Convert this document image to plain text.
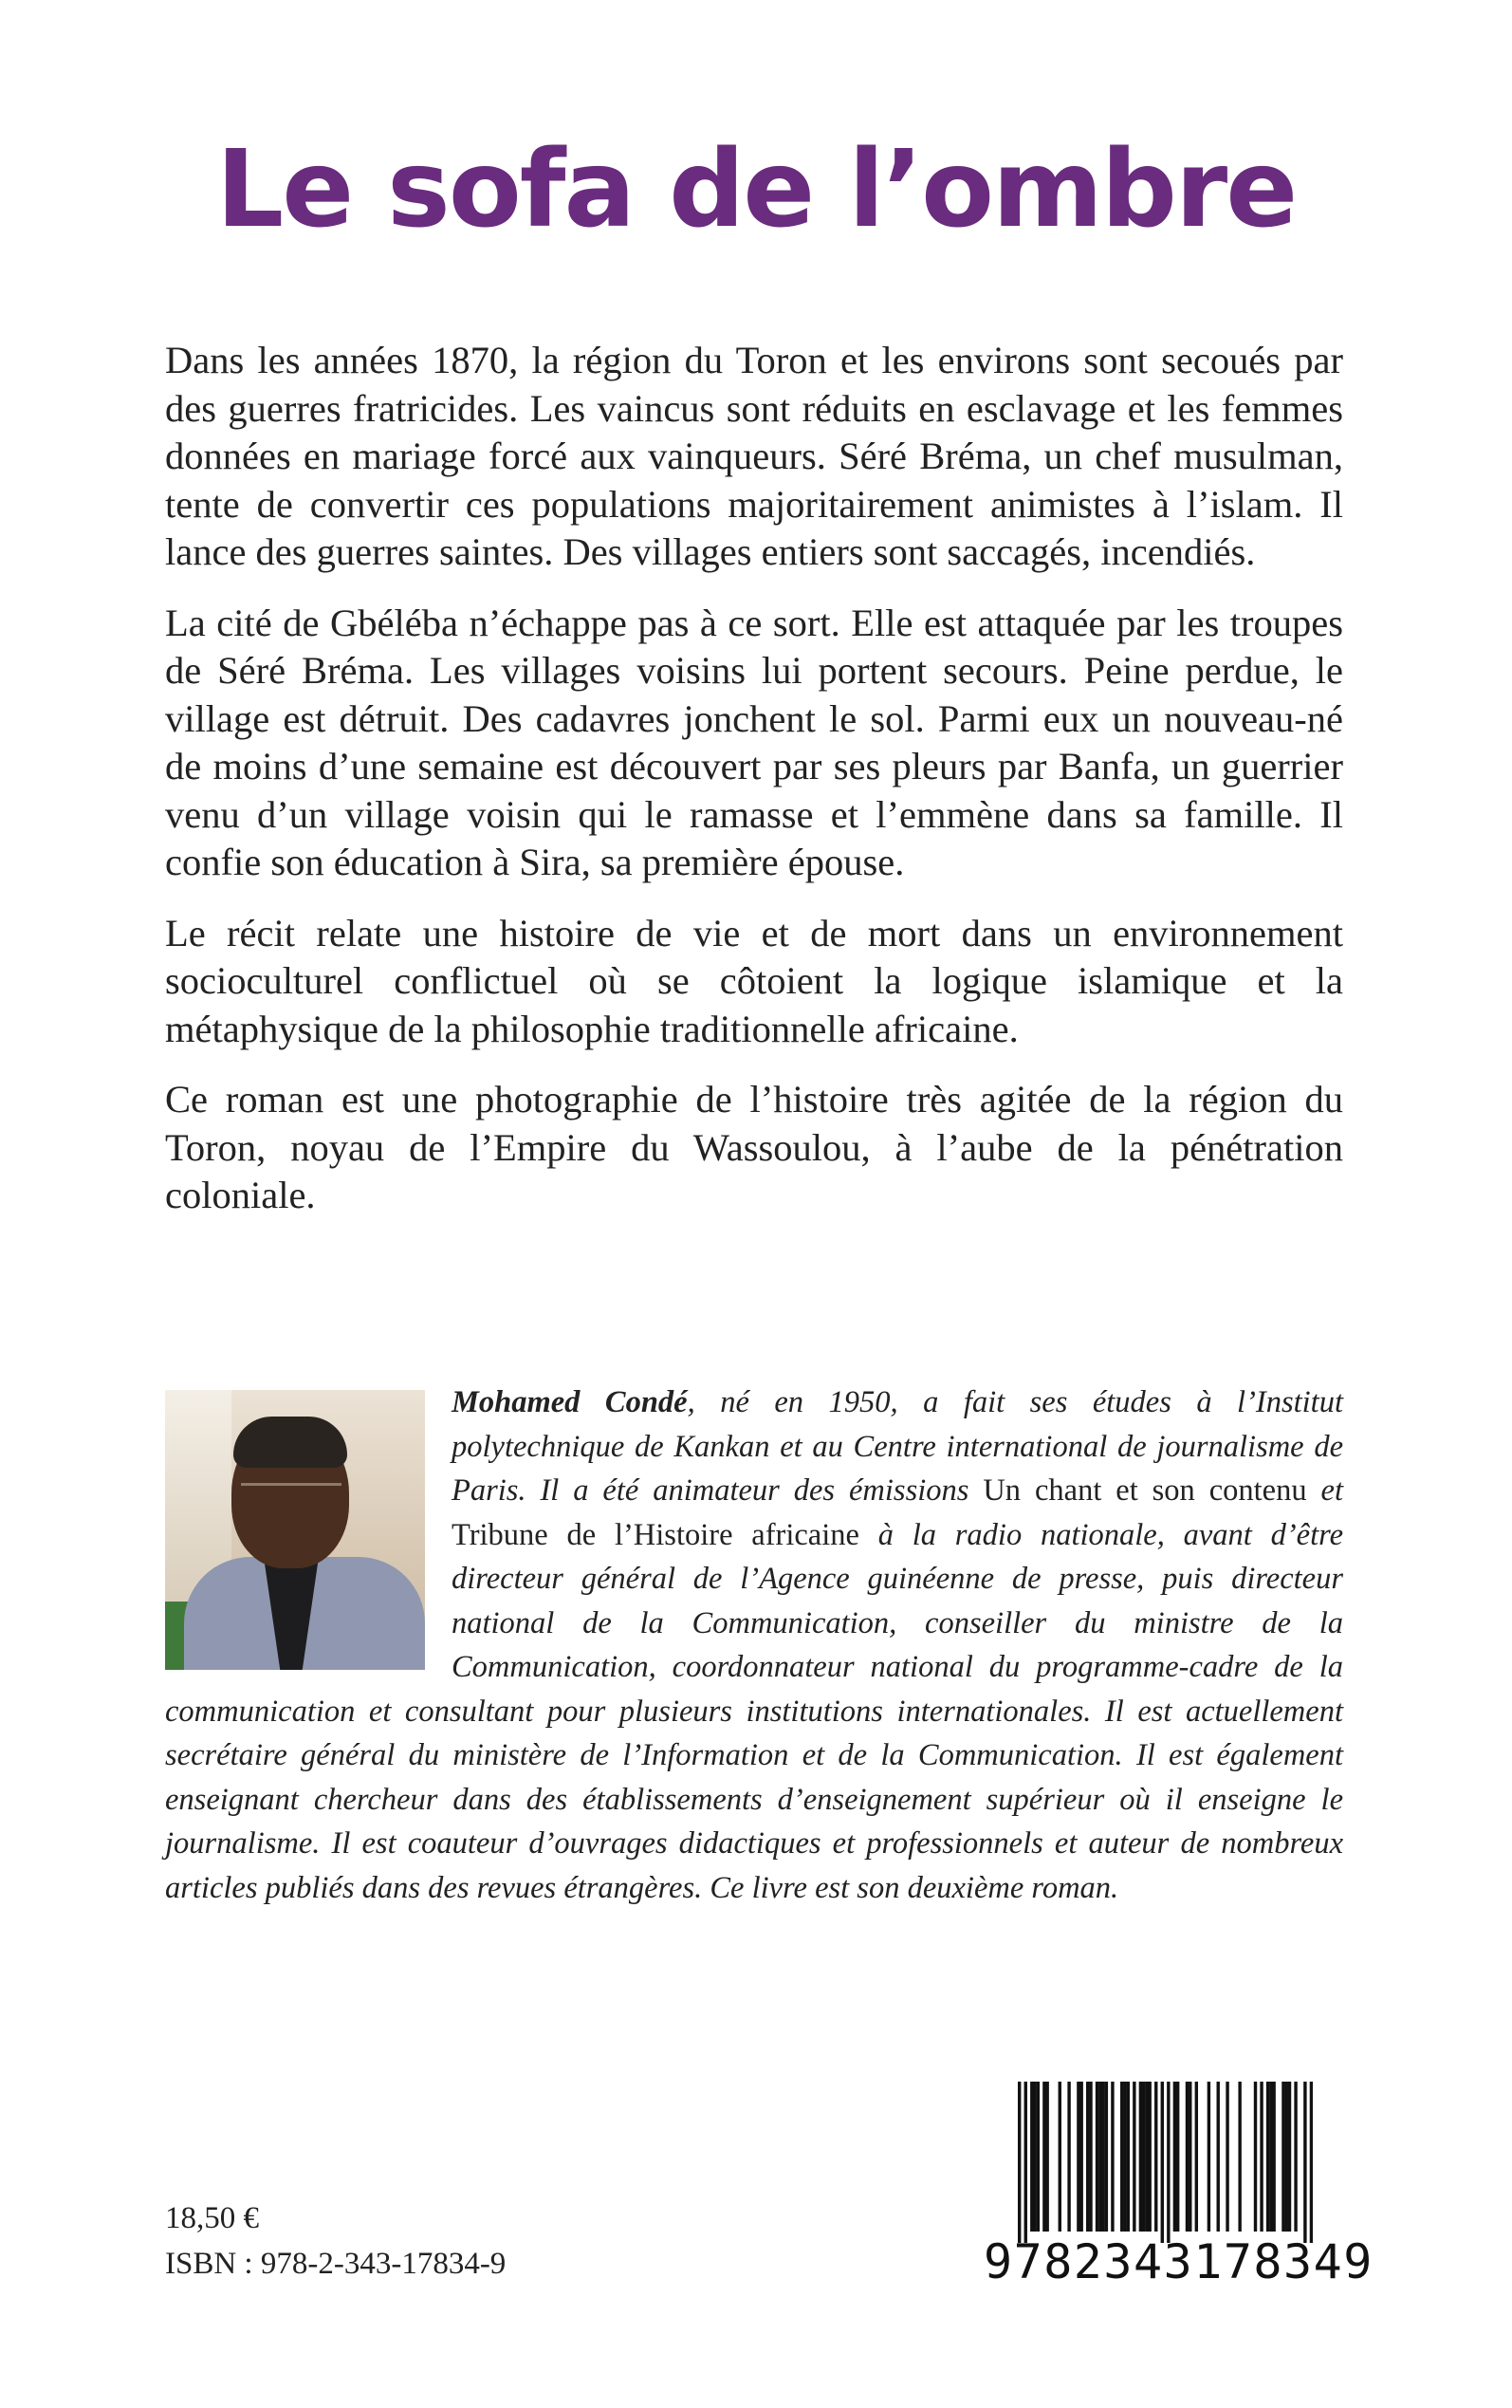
Le sofa de l’ombre

Dans les années 1870, la région du Toron et les environs sont secoués par des guerres fratricides. Les vaincus sont réduits en esclavage et les femmes données en mariage forcé aux vainqueurs. Séré Bréma, un chef musulman, tente de convertir ces populations majoritairement animistes à l’islam. Il lance des guerres saintes. Des villages entiers sont saccagés, incendiés.

La cité de Gbéléba n’échappe pas à ce sort. Elle est attaquée par les troupes de Séré Bréma. Les villages voisins lui portent secours. Peine perdue, le village est détruit. Des cadavres jonchent le sol. Parmi eux un nouveau-né de moins d’une semaine est découvert par ses pleurs par Banfa, un guerrier venu d’un village voisin qui le ramasse et l’emmène dans sa famille. Il confie son éducation à Sira, sa première épouse.

Le récit relate une histoire de vie et de mort dans un environnement socioculturel conflictuel où se côtoient la logique islamique et la métaphysique de la philosophie traditionnelle africaine.

Ce roman est une photographie de l’histoire très agitée de la région du Toron, noyau de l’Empire du Wassoulou, à l’aube de la pénétration coloniale.

Mohamed Condé, né en 1950, a fait ses études à l’Institut polytechnique de Kankan et au Centre international de journalisme de Paris. Il a été animateur des émissions Un chant et son contenu et Tribune de l’Histoire africaine à la radio nationale, avant d’être directeur général de l’Agence guinéenne de presse, puis directeur national de la Communication, conseiller du ministre de la Communication, coordonnateur national du programme-cadre de la communication et consultant pour plusieurs institutions internationales. Il est actuellement secrétaire général du ministère de l’Information et de la Communication. Il est également enseignant chercheur dans des établissements d’enseignement supérieur où il enseigne le journalisme. Il est coauteur d’ouvrages didactiques et professionnels et auteur de nombreux articles publiés dans des revues étrangères. Ce livre est son deuxième roman.
18,50 €
ISBN : 978-2-343-17834-9	9782343178349
